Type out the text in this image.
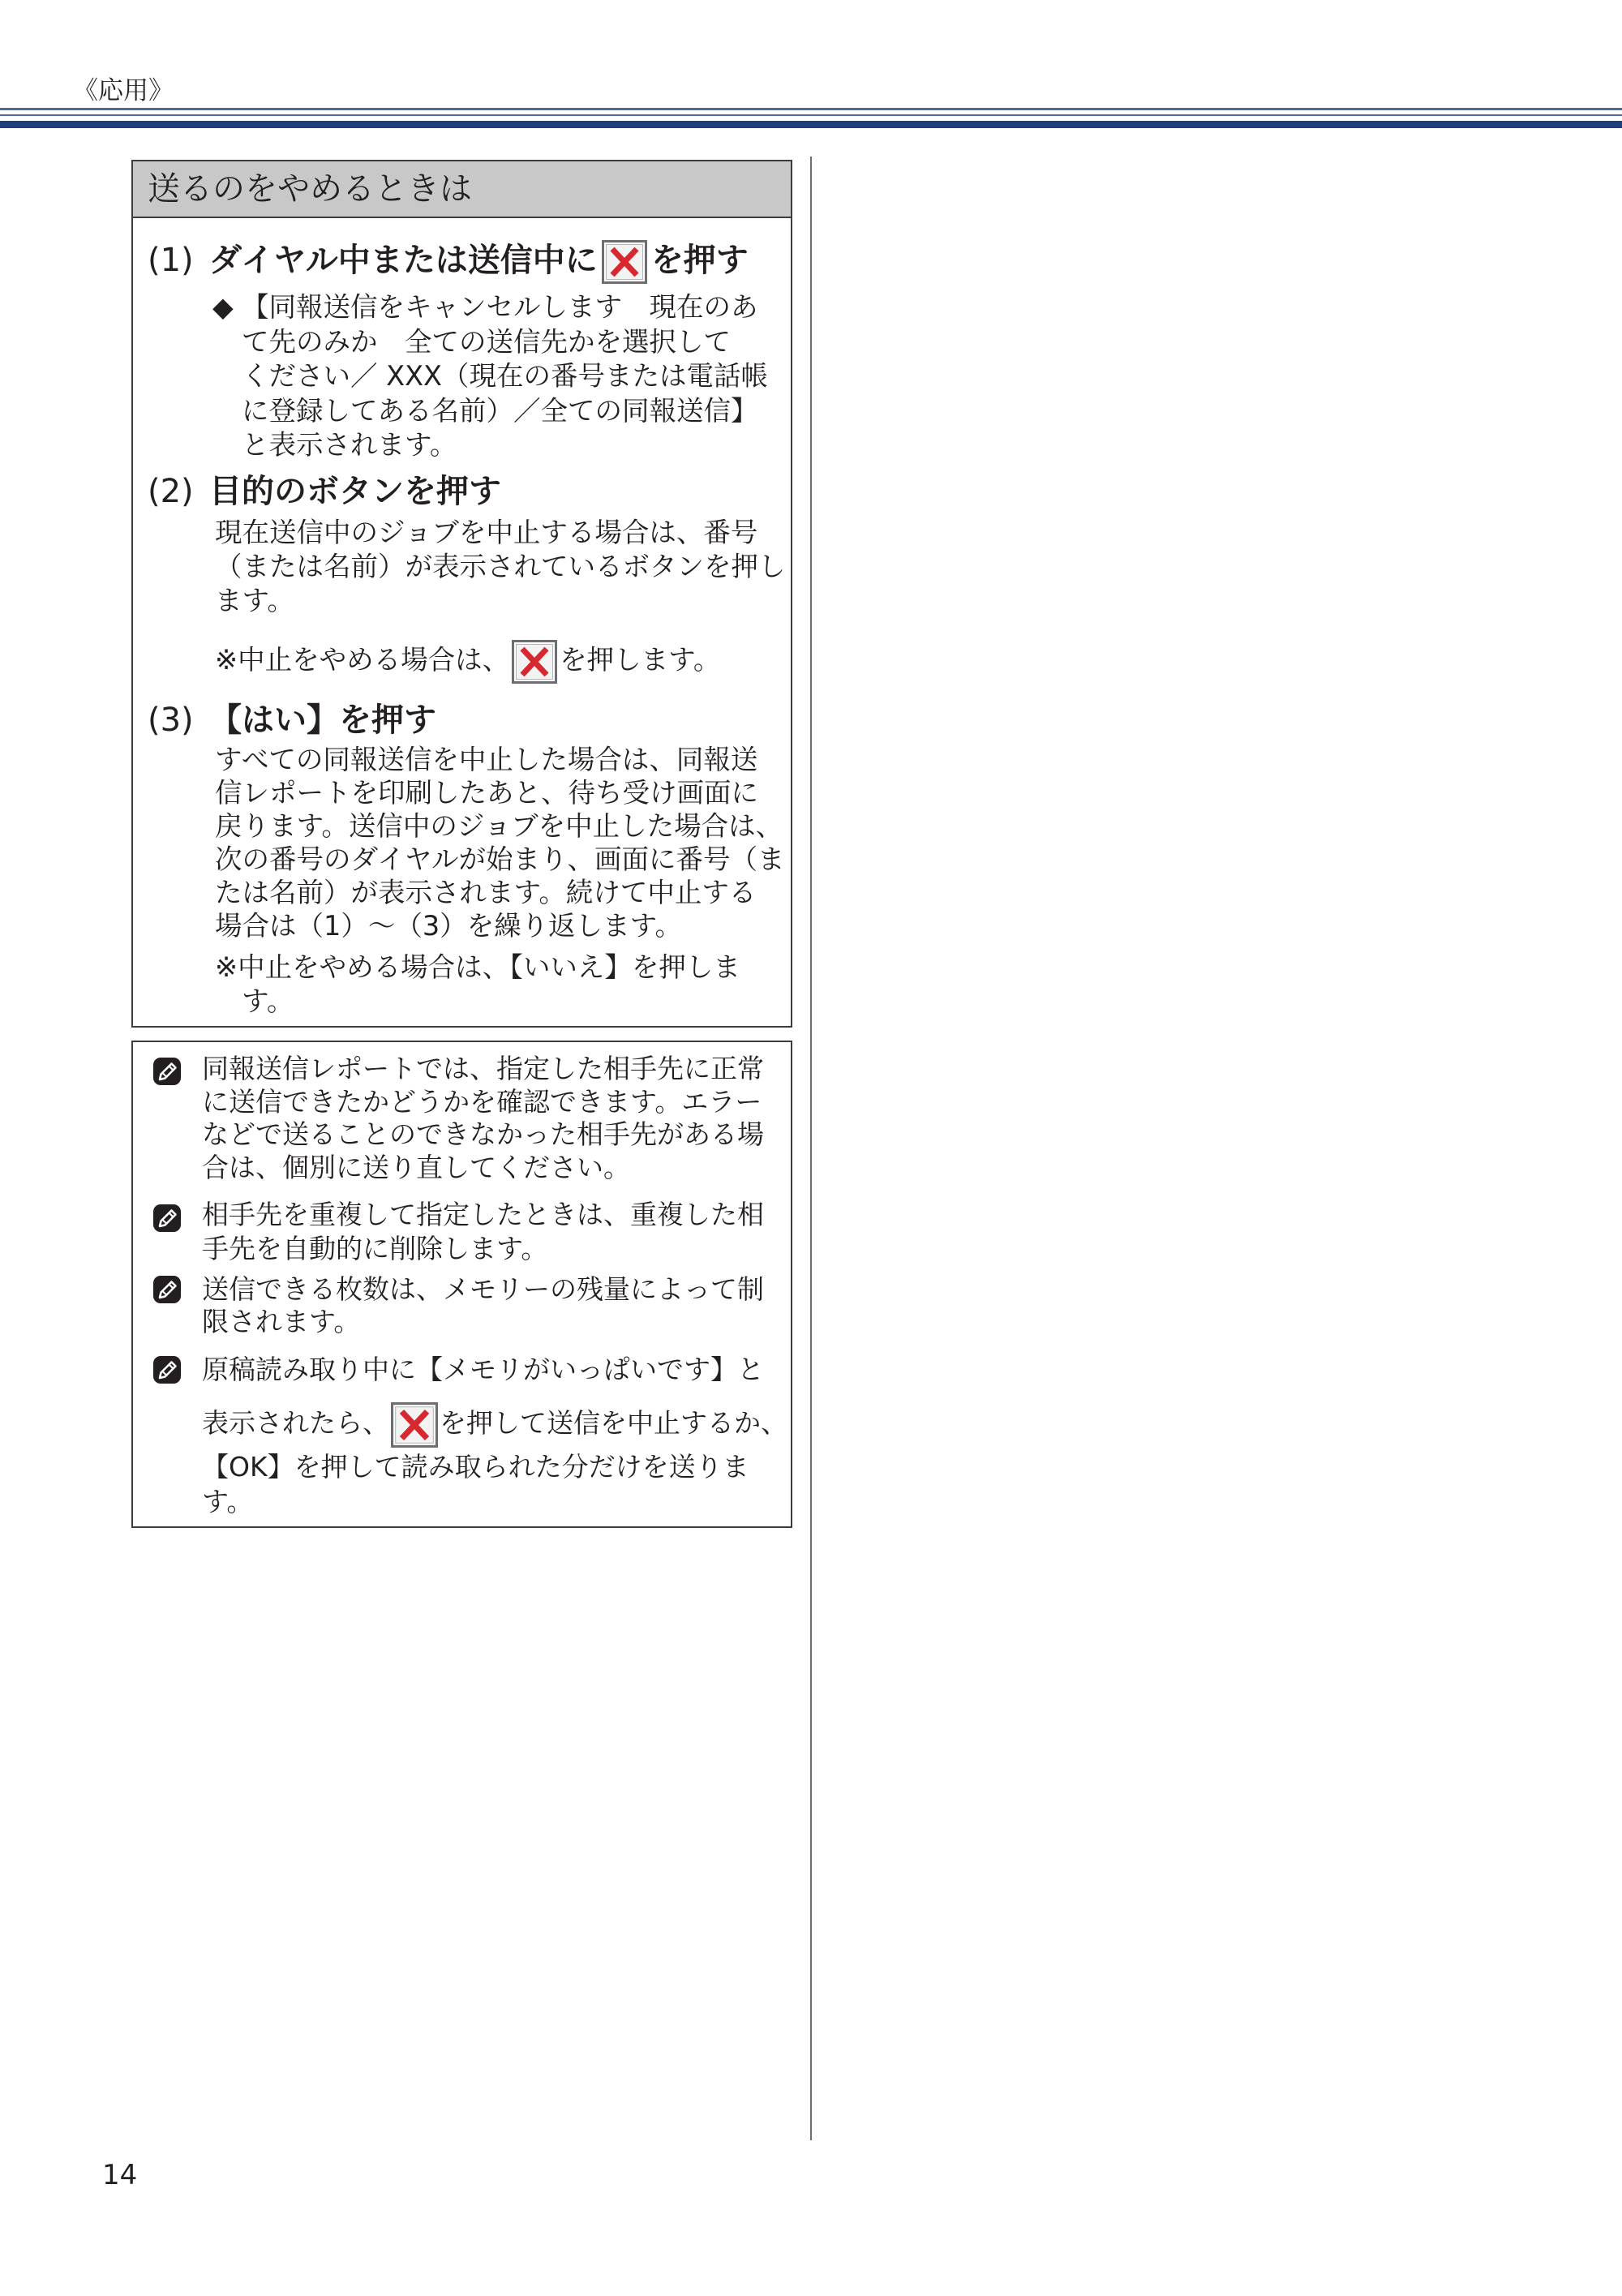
《応用》
送るのをやめるときは
(1) ダイヤル中または送信中に を押す
◆ 【同報送信をキャンセルします　現在のあ
て先のみか　全ての送信先かを選択して
ください／ XXX（現在の番号または電話帳
に登録してある名前）／全ての同報送信】
と表示されます。
(2) 目的のボタンを押す
現在送信中のジョブを中止する場合は、番号
（または名前）が表示されているボタンを押し
ます。
※中止をやめる場合は、 を押します。
(3) 【はい】を押す
すべての同報送信を中止した場合は、同報送
信レポートを印刷したあと、待ち受け画面に
戻ります。送信中のジョブを中止した場合は、
次の番号のダイヤルが始まり、画面に番号（ま
たは名前）が表示されます。続けて中止する
場合は（1）～（3）を繰り返します。
※中止をやめる場合は、【いいえ】を押しま
す。
同報送信レポートでは、指定した相手先に正常
に送信できたかどうかを確認できます。エラー
などで送ることのできなかった相手先がある場
合は、個別に送り直してください。
相手先を重複して指定したときは、重複した相
手先を自動的に削除します。
送信できる枚数は、メモリーの残量によって制
限されます。
原稿読み取り中に【メモリがいっぱいです】と
表示されたら、 を押して送信を中止するか、
【OK】を押して読み取られた分だけを送りま
す。
14
